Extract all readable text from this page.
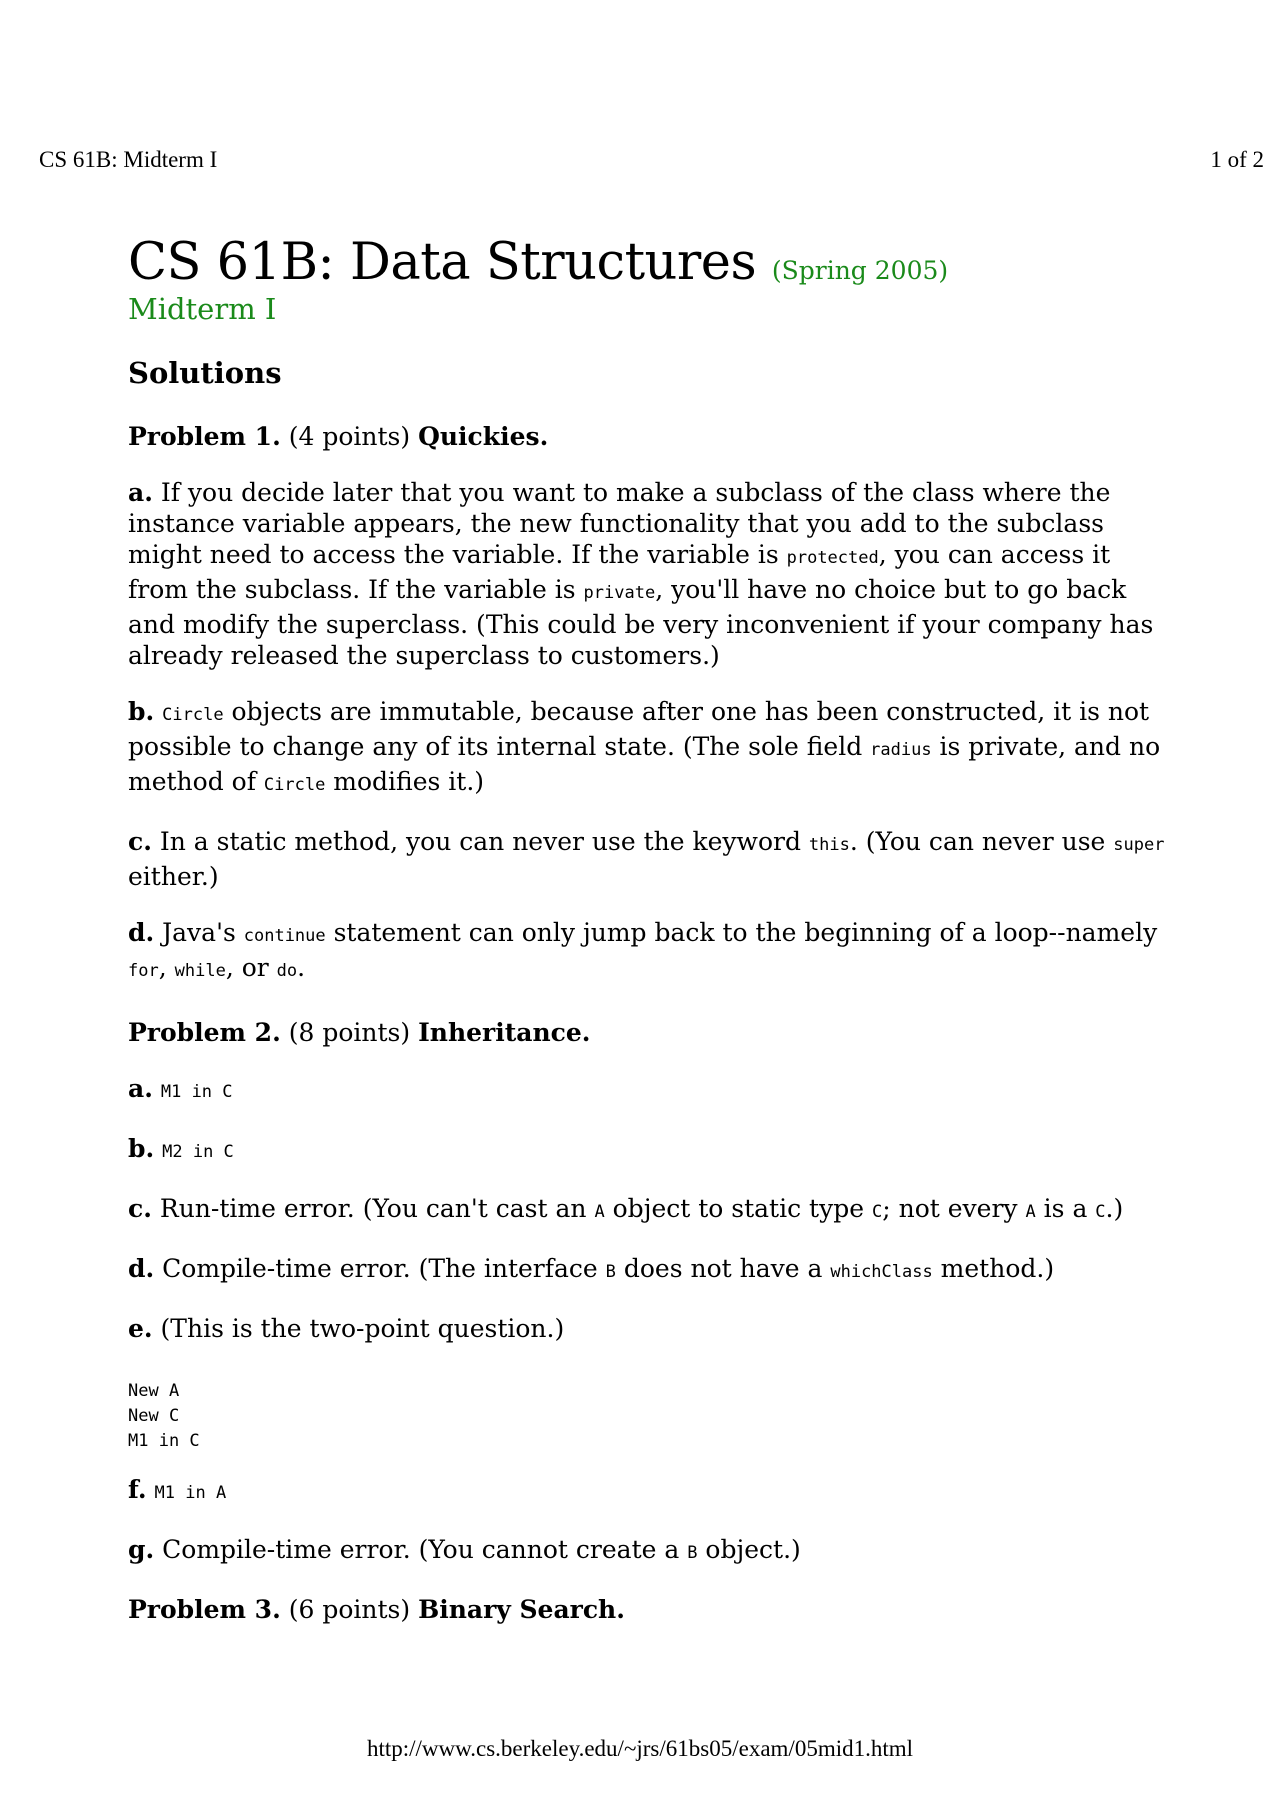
CS 61B: Midterm I	1 of 2
CS 61B: Data Structures (Spring 2005)
Midterm I
Solutions

Problem 1. (4 points) Quickies.

a. If you decide later that you want to make a subclass of the class where the instance variable appears, the new functionality that you add to the subclass might need to access the variable. If the variable is protected, you can access it from the subclass. If the variable is private, you'll have no choice but to go back and modify the superclass. (This could be very inconvenient if your company has already released the superclass to customers.)

b. Circle objects are immutable, because after one has been constructed, it is not possible to change any of its internal state. (The sole field radius is private, and no method of Circle modifies it.)

c. In a static method, you can never use the keyword this. (You can never use super either.)

d. Java's continue statement can only jump back to the beginning of a loop--namely for, while, or do.

Problem 2. (8 points) Inheritance.

a. M1 in C

b. M2 in C

c. Run-time error. (You can't cast an A object to static type C; not every A is a C.)

d. Compile-time error. (The interface B does not have a whichClass method.)

e. (This is the two-point question.)

New A
New C
M1 in C

f. M1 in A

g. Compile-time error. (You cannot create a B object.)

Problem 3. (6 points) Binary Search.

http://www.cs.berkeley.edu/~jrs/61bs05/exam/05mid1.html
